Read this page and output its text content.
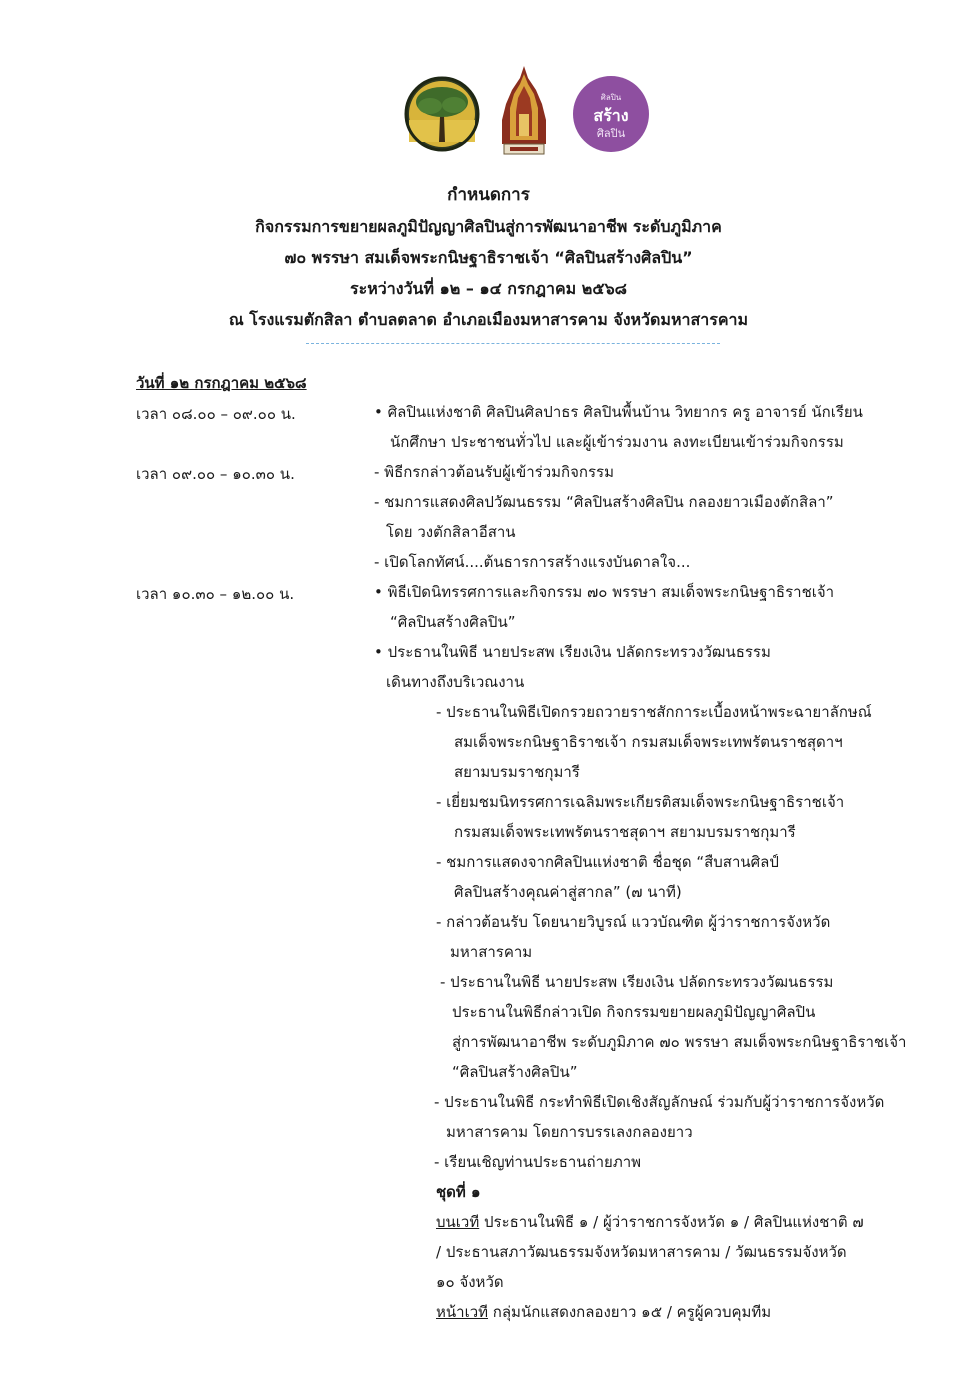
ศิลปิน
สร้าง
ศิลปิน
กำหนดการ
กิจกรรมการขยายผลภูมิปัญญาศิลปินสู่การพัฒนาอาชีพ ระดับภูมิภาค
๗๐ พรรษา สมเด็จพระกนิษฐาธิราชเจ้า “ศิลปินสร้างศิลปิน”
ระหว่างวันที่ ๑๒ – ๑๔ กรกฎาคม ๒๕๖๘
ณ โรงแรมตักสิลา ตำบลตลาด อำเภอเมืองมหาสารคาม จังหวัดมหาสารคาม
วันที่ ๑๒ กรกฎาคม ๒๕๖๘
เวลา ๐๘.๐๐ – ๐๙.๐๐ น.
เวลา ๐๙.๐๐ – ๑๐.๓๐ น.
เวลา ๑๐.๓๐ – ๑๒.๐๐ น.
• ศิลปินแห่งชาติ ศิลปินศิลปาธร ศิลปินพื้นบ้าน วิทยากร ครู อาจารย์ นักเรียน
นักศึกษา ประชาชนทั่วไป และผู้เข้าร่วมงาน ลงทะเบียนเข้าร่วมกิจกรรม
- พิธีกรกล่าวต้อนรับผู้เข้าร่วมกิจกรรม
- ชมการแสดงศิลปวัฒนธรรม “ศิลปินสร้างศิลปิน กลองยาวเมืองตักสิลา”
โดย วงตักสิลาอีสาน
- เปิดโลกทัศน์....ต้นธารการสร้างแรงบันดาลใจ...
• พิธีเปิดนิทรรศการและกิจกรรม ๗๐ พรรษา สมเด็จพระกนิษฐาธิราชเจ้า
“ศิลปินสร้างศิลปิน”
• ประธานในพิธี นายประสพ เรียงเงิน ปลัดกระทรวงวัฒนธรรม
เดินทางถึงบริเวณงาน
- ประธานในพิธีเปิดกรวยถวายราชสักการะเบื้องหน้าพระฉายาลักษณ์
สมเด็จพระกนิษฐาธิราชเจ้า กรมสมเด็จพระเทพรัตนราชสุดาฯ
สยามบรมราชกุมารี
- เยี่ยมชมนิทรรศการเฉลิมพระเกียรติสมเด็จพระกนิษฐาธิราชเจ้า
กรมสมเด็จพระเทพรัตนราชสุดาฯ สยามบรมราชกุมารี
- ชมการแสดงจากศิลปินแห่งชาติ ชื่อชุด “สืบสานศิลป์
ศิลปินสร้างคุณค่าสู่สากล” (๗ นาที)
- กล่าวต้อนรับ โดยนายวิบูรณ์ แววบัณฑิต ผู้ว่าราชการจังหวัด
มหาสารคาม
- ประธานในพิธี นายประสพ เรียงเงิน ปลัดกระทรวงวัฒนธรรม
ประธานในพิธีกล่าวเปิด กิจกรรมขยายผลภูมิปัญญาศิลปิน
สู่การพัฒนาอาชีพ ระดับภูมิภาค ๗๐ พรรษา สมเด็จพระกนิษฐาธิราชเจ้า
“ศิลปินสร้างศิลปิน”
- ประธานในพิธี กระทำพิธีเปิดเชิงสัญลักษณ์ ร่วมกับผู้ว่าราชการจังหวัด
มหาสารคาม โดยการบรรเลงกลองยาว
- เรียนเชิญท่านประธานถ่ายภาพ
ชุดที่ ๑
บนเวที ประธานในพิธี ๑ / ผู้ว่าราชการจังหวัด ๑ / ศิลปินแห่งชาติ ๗
/ ประธานสภาวัฒนธรรมจังหวัดมหาสารคาม / วัฒนธรรมจังหวัด
๑๐ จังหวัด
หน้าเวที กลุ่มนักแสดงกลองยาว ๑๕ / ครูผู้ควบคุมทีม
